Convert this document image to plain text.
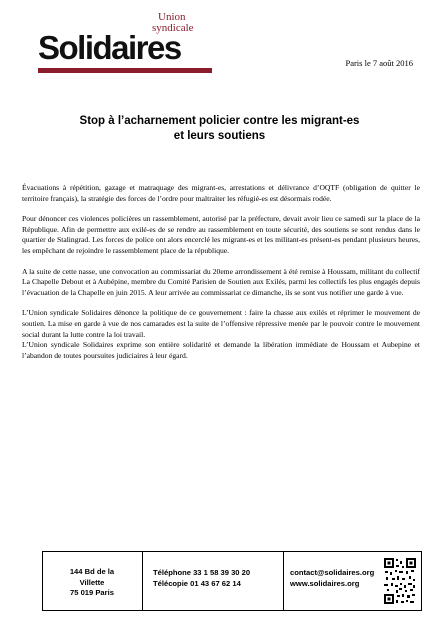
Union
syndicale
Solidaires	Paris le 7 août 2016
Stop à l’acharnement policier contre les migrant-es
et leurs soutiens

Évacuations à répétition, gazage et matraquage des migrant-es, arrestations et délivrance d’OQTF (obligation de quitter le territoire français), la stratégie des forces de l’ordre pour maltraiter les réfugié-es est désormais rodée.

Pour dénoncer ces violences policières un rassemblement, autorisé par la préfecture, devait avoir lieu ce samedi sur la place de la République. Afin de permettre aux exilé-es de se rendre au rassemblement en toute sécurité, des soutiens se sont rendus dans le quartier de Stalingrad. Les forces de police ont alors encerclé les migrant-es et les militant-es présent-es pendant plusieurs heures, les empêchant de rejoindre le rassemblement place de la république.

A la suite de cette nasse, une convocation au commissariat du 20eme arrondissement à été remise à Houssam, militant du collectif La Chapelle Debout et à Aubépine, membre du Comité Parisien de Soutien aux Exilés, parmi les collectifs les plus engagés depuis l’évacuation de la Chapelle en juin 2015. A leur arrivée au commissariat ce dimanche, ils se sont vus notifier une garde à vue.

L’Union syndicale Solidaires dénonce la politique de ce gouvernement : faire la chasse aux exilés et réprimer le mouvement de soutien. La mise en garde à vue de nos camarades est la suite de l’offensive répressive menée par le pouvoir contre le mouvement social durant la lutte contre la loi travail.

L’Union syndicale Solidaires exprime son entière solidarité et demande la libération immédiate de Houssam et Aubepine et l’abandon de toutes poursuites judiciaires à leur égard.

144 Bd de la
Villette
75 019 Paris
Téléphone 33 1 58 39 30 20
Télécopie 01 43 67 62 14
contact@solidaires.org
www.solidaires.org
